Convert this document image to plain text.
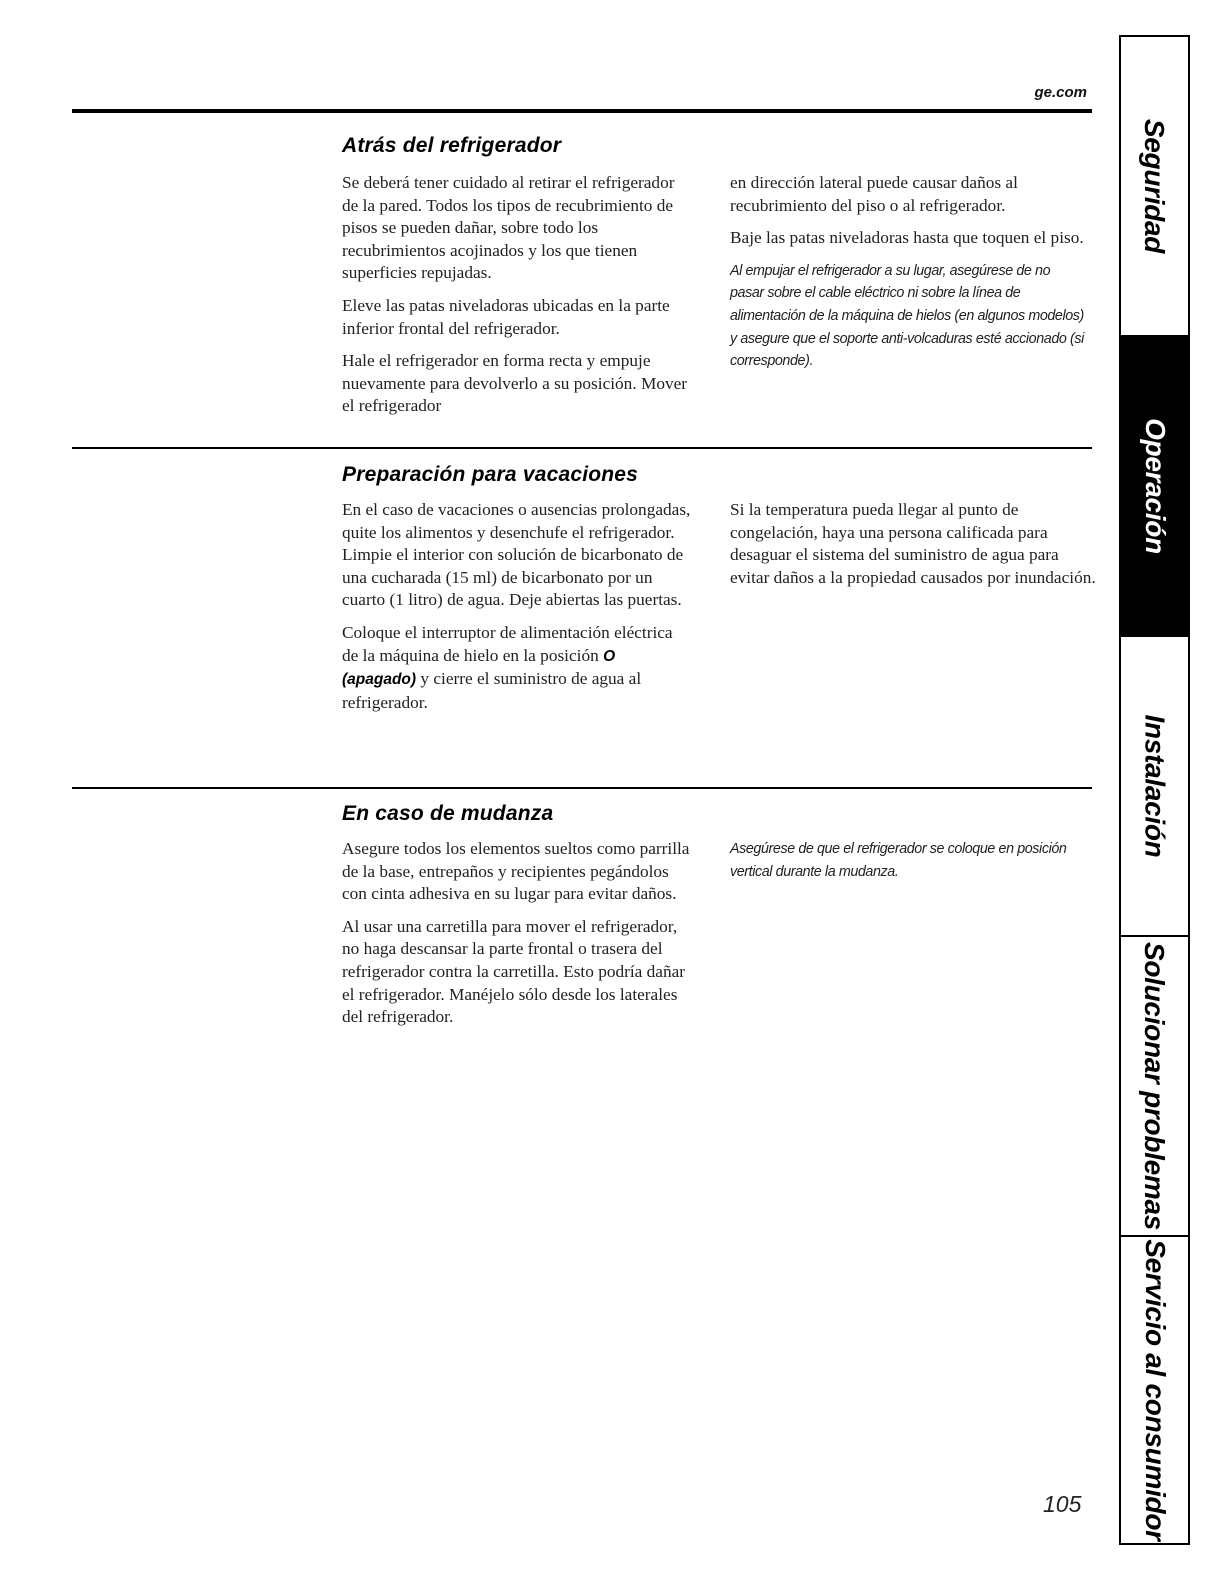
ge.com
Atrás del refrigerador

Se deberá tener cuidado al retirar el refrigerador de la pared. Todos los tipos de recubrimiento de pisos se pueden dañar, sobre todo los recubrimientos acojinados y los que tienen superficies repujadas.

Eleve las patas niveladoras ubicadas en la parte inferior frontal del refrigerador.

Hale el refrigerador en forma recta y empuje nuevamente para devolverlo a su posición. Mover el refrigerador

en dirección lateral puede causar daños al recubrimiento del piso o al refrigerador.

Baje las patas niveladoras hasta que toquen el piso.

Al empujar el refrigerador a su lugar, asegúrese de no pasar sobre el cable eléctrico ni sobre la línea de alimentación de la máquina de hielos (en algunos modelos) y asegure que el soporte anti-volcaduras esté accionado (si corresponde).

Preparación para vacaciones

En el caso de vacaciones o ausencias prolongadas, quite los alimentos y desenchufe el refrigerador. Limpie el interior con solución de bicarbonato de una cucharada (15 ml) de bicarbonato por un cuarto (1 litro) de agua. Deje abiertas las puertas.

Coloque el interruptor de alimentación eléctrica de la máquina de hielo en la posición O (apagado) y cierre el suministro de agua al refrigerador.

Si la temperatura pueda llegar al punto de congelación, haya una persona calificada para desaguar el sistema del suministro de agua para evitar daños a la propiedad causados por inundación.

En caso de mudanza

Asegure todos los elementos sueltos como parrilla de la base, entrepaños y recipientes pegándolos con cinta adhesiva en su lugar para evitar daños.

Al usar una carretilla para mover el refrigerador, no haga descansar la parte frontal o trasera del refrigerador contra la carretilla. Esto podría dañar el refrigerador. Manéjelo sólo desde los laterales del refrigerador.

Asegúrese de que el refrigerador se coloque en posición vertical durante la mudanza.

Seguridad
Operación
Instalación
Solucionar problemas
Servicio al consumidor
105
